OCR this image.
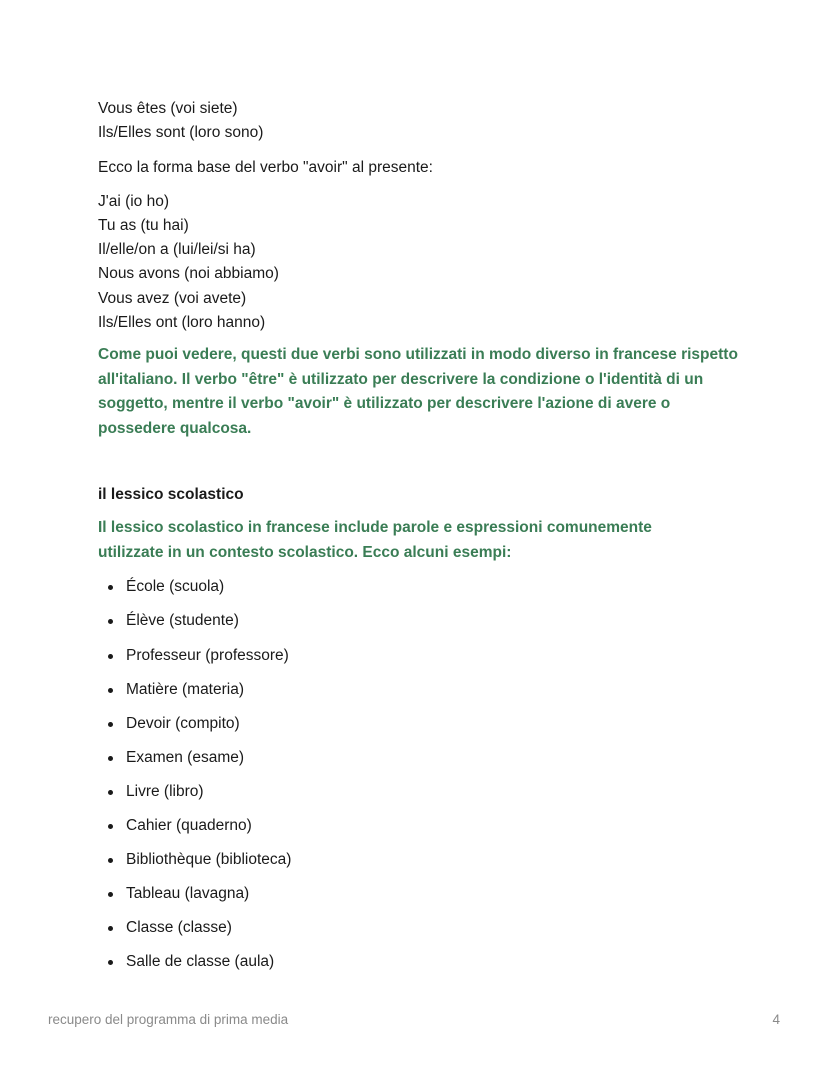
Vous êtes (voi siete)

Ils/Elles sont (loro sono)

Ecco la forma base del verbo "avoir" al presente:

J'ai (io ho)

Tu as (tu hai)

Il/elle/on a (lui/lei/si ha)

Nous avons (noi abbiamo)

Vous avez (voi avete)

Ils/Elles ont (loro hanno)

Come puoi vedere, questi due verbi sono utilizzati in modo diverso in francese rispetto all'italiano. Il verbo "être" è utilizzato per descrivere la condizione o l'identità di un soggetto, mentre il verbo "avoir" è utilizzato per descrivere l'azione di avere o possedere qualcosa.

il lessico scolastico

Il lessico scolastico in francese include parole e espressioni comunemente utilizzate in un contesto scolastico. Ecco alcuni esempi:

École (scuola)
Élève (studente)
Professeur (professore)
Matière (materia)
Devoir (compito)
Examen (esame)
Livre (libro)
Cahier (quaderno)
Bibliothèque (biblioteca)
Tableau (lavagna)
Classe (classe)
Salle de classe (aula)
recupero del programma di prima media	4
